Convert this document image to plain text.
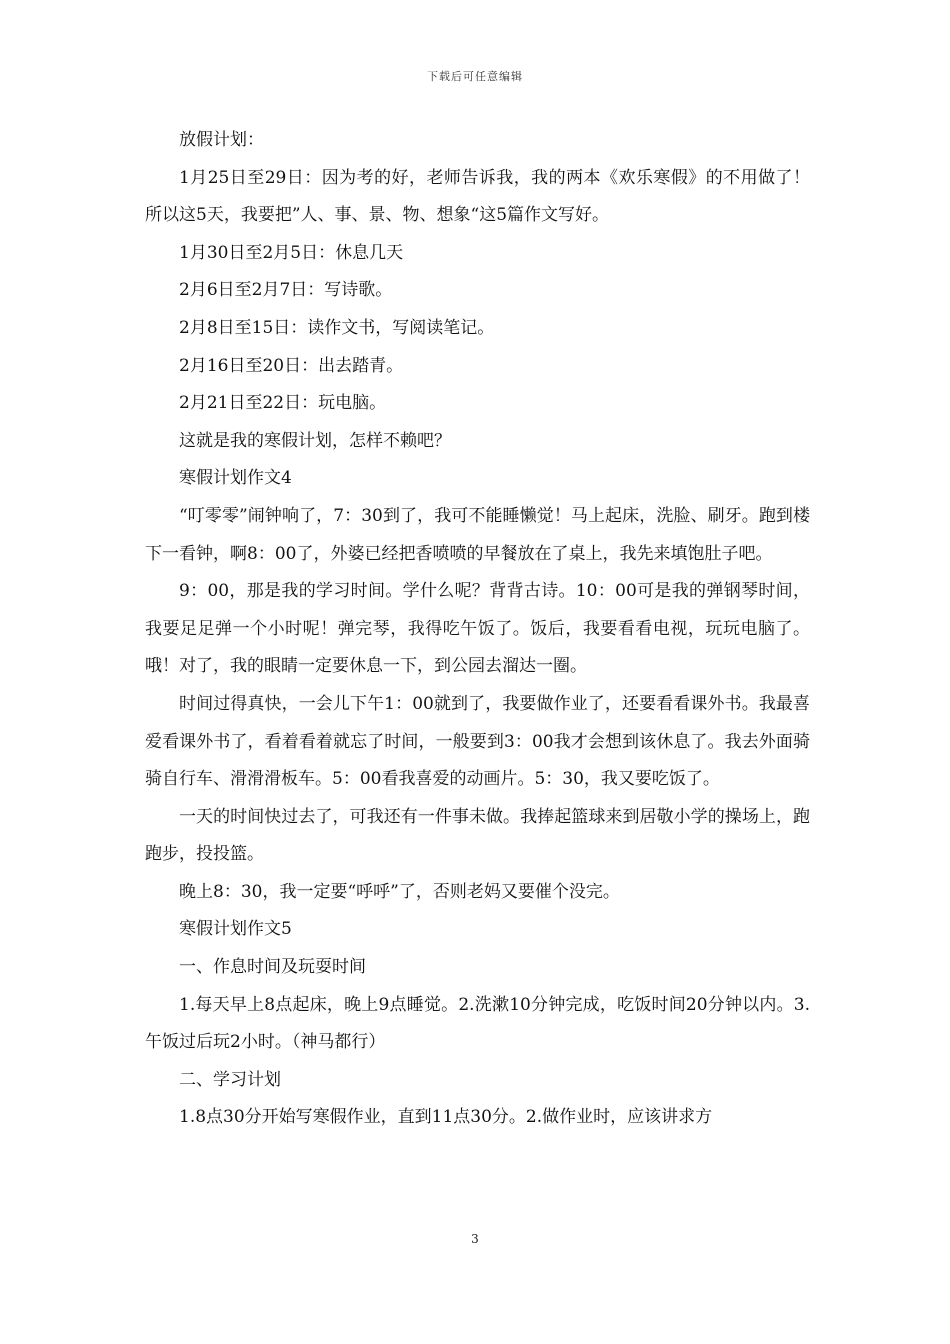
下载后可任意编辑

放假计划：

1月25日至29日：因为考的好，老师告诉我，我的两本《欢乐寒假》的不用做了！所以这5天，我要把”人、事、景、物、想象“这5篇作文写好。

1月30日至2月5日：休息几天

2月6日至2月7日：写诗歌。

2月8日至15日：读作文书，写阅读笔记。

2月16日至20日：出去踏青。

2月21日至22日：玩电脑。

这就是我的寒假计划，怎样不赖吧？

寒假计划作文4

“叮零零”闹钟响了，7：30到了，我可不能睡懒觉！马上起床，洗脸、刷牙。跑到楼下一看钟，啊8：00了，外婆已经把香喷喷的早餐放在了桌上，我先来填饱肚子吧。

9：00，那是我的学习时间。学什么呢？背背古诗。10：00可是我的弹钢琴时间，我要足足弹一个小时呢！弹完琴，我得吃午饭了。饭后，我要看看电视，玩玩电脑了。哦！对了，我的眼睛一定要休息一下，到公园去溜达一圈。

时间过得真快，一会儿下午1：00就到了，我要做作业了，还要看看课外书。我最喜爱看课外书了，看着看着就忘了时间，一般要到3：00我才会想到该休息了。我去外面骑骑自行车、滑滑滑板车。5：00看我喜爱的动画片。5：30，我又要吃饭了。

一天的时间快过去了，可我还有一件事未做。我捧起篮球来到居敬小学的操场上，跑跑步，投投篮。

晚上8：30，我一定要“呼呼”了，否则老妈又要催个没完。

寒假计划作文5

一、作息时间及玩耍时间

1.每天早上8点起床，晚上9点睡觉。2.洗漱10分钟完成，吃饭时间20分钟以内。3.午饭过后玩2小时。（神马都行）

二、学习计划

1.8点30分开始写寒假作业，直到11点30分。2.做作业时，应该讲求方

3
